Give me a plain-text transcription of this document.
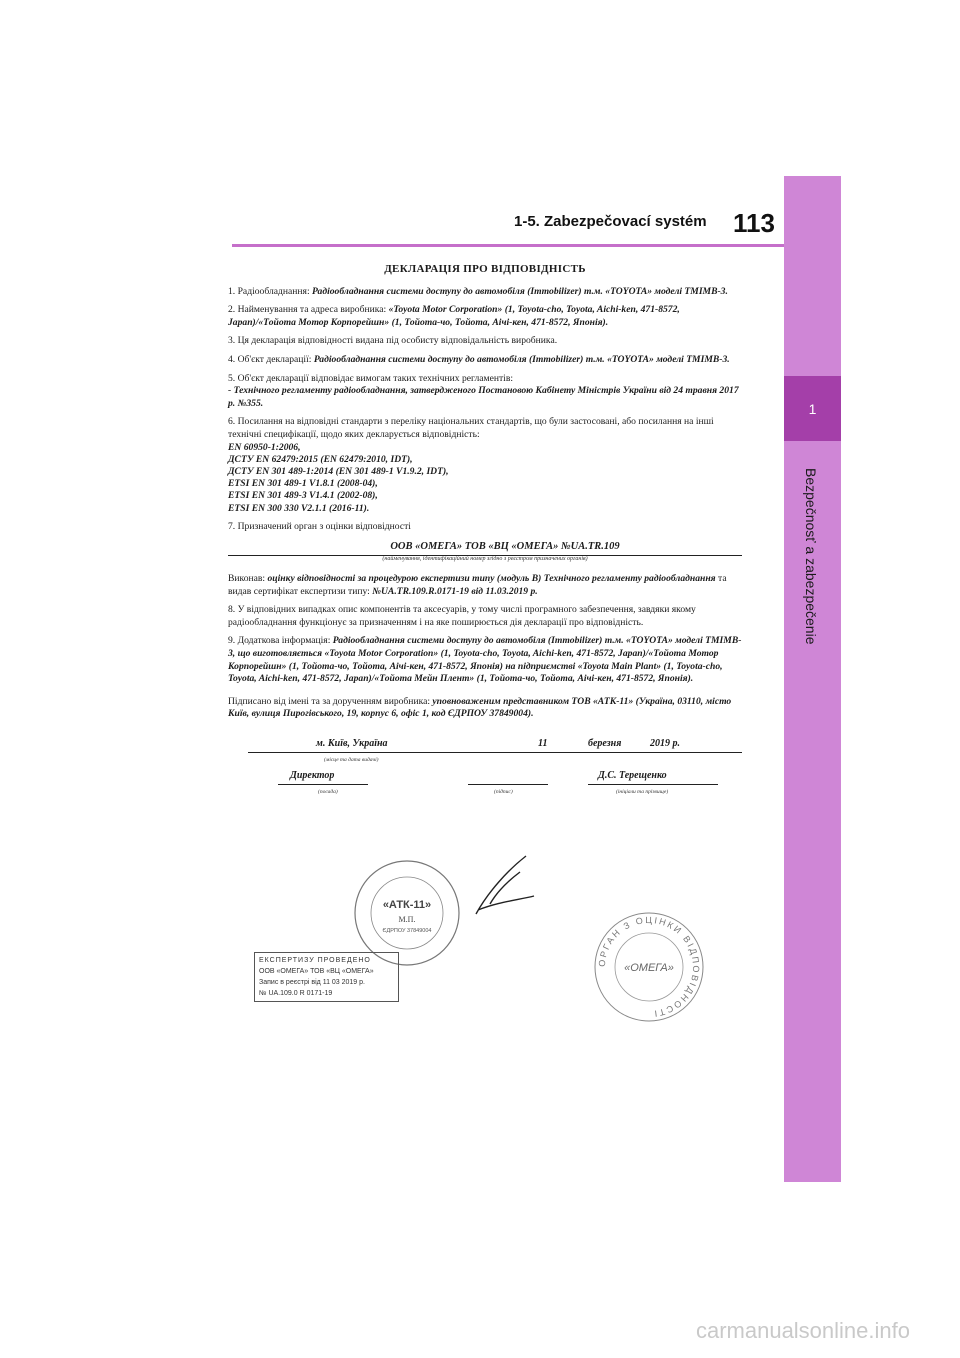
1-5. Zabezpečovací systém 113
1
Bezpečnosť a zabezpečenie
ДЕКЛАРАЦІЯ ПРО ВІДПОВІДНІСТЬ
1. Радіообладнання: Радіообладнання системи доступу до автомобіля (Immobilizer) т.м. «TOYOTA» моделі TMIMB-3.
2. Найменування та адреса виробника: «Toyota Motor Corporation» (1, Toyota-cho, Toyota, Aichi-ken, 471-8572, Japan)/«Тойота Мотор Корпорейшн» (1, Тойота-чо, Тойота, Аічі-кен, 471-8572, Японія).
3. Ця декларація відповідності видана під особисту відповідальність виробника.
4. Об'єкт декларації: Радіообладнання системи доступу до автомобіля (Immobilizer) т.м. «TOYOTA» моделі TMIMB-3.
5. Об'єкт декларації відповідає вимогам таких технічних регламентів:
- Технічного регламенту радіообладнання, затвердженого Постановою Кабінету Міністрів України від 24 травня 2017 р. №355.
6. Посилання на відповідні стандарти з переліку національних стандартів, що були застосовані, або посилання на інші технічні специфікації, щодо яких декларується відповідність:
EN 60950-1:2006,
ДСТУ EN 62479:2015 (EN 62479:2010, IDT),
ДСТУ EN 301 489-1:2014 (EN 301 489-1 V1.9.2, IDT),
ETSI EN 301 489-1 V1.8.1 (2008-04),
ETSI EN 301 489-3 V1.4.1 (2002-08),
ETSI EN 300 330 V2.1.1 (2016-11).
7. Призначений орган з оцінки відповідності
ООВ «ОМЕГА» ТОВ «ВЦ «ОМЕГА» №UA.TR.109
(найменування, ідентифікаційний номер згідно з реєстром призначених органів)
Виконав: оцінку відповідності за процедурою експертизи типу (модуль В) Технічного регламенту радіообладнання та видав сертифікат експертизи типу: №UA.TR.109.R.0171-19 від 11.03.2019 р.
8. У відповідних випадках опис компонентів та аксесуарів, у тому числі програмного забезпечення, завдяки якому радіообладнання функціонує за призначенням і на яке поширюється дія декларації про відповідність.
9. Додаткова інформація: Радіообладнання системи доступу до автомобіля (Immobilizer) т.м. «TOYOTA» моделі TMIMB-3, що виготовляється «Toyota Motor Corporation» (1, Toyota-cho, Toyota, Aichi-ken, 471-8572, Japan)/«Тойота Мотор Корпорейшн» (1, Тойота-чо, Тойота, Аічі-кен, 471-8572, Японія) на підприємстві «Toyota Main Plant» (1, Toyota-cho, Toyota, Aichi-ken, 471-8572, Japan)/«Тойота Мейн Плент» (1, Тойота-чо, Тойота, Аічі-кен, 471-8572, Японія).
Підписано від імені та за дорученням виробника: уповноваженим представником ТОВ «АТК-11» (Україна, 03110, місто Київ, вулиця Пирогівського, 19, корпус 6, офіс 1, код ЄДРПОУ 37849004).
м. Київ, Україна	11	березня	2019 р.
(місце та дата видачі)
Директор	Д.С. Терещенко
(посада)	(підпис)	(ініціали та прізвище)
«АТК-11»
М.П.
ЄДРПОУ 37849004
ЕКСПЕРТИЗУ ПРОВЕДЕНО
ООВ «ОМЕГА» ТОВ «ВЦ «ОМЕГА»
Запис в реєстрі від 11 03 2019 р.
№ UA.109.0 R 0171-19
ОРГАН З ОЦІНКИ ВІДПОВІДНОСТІ
«ОМЕГА»
carmanualsonline.info
